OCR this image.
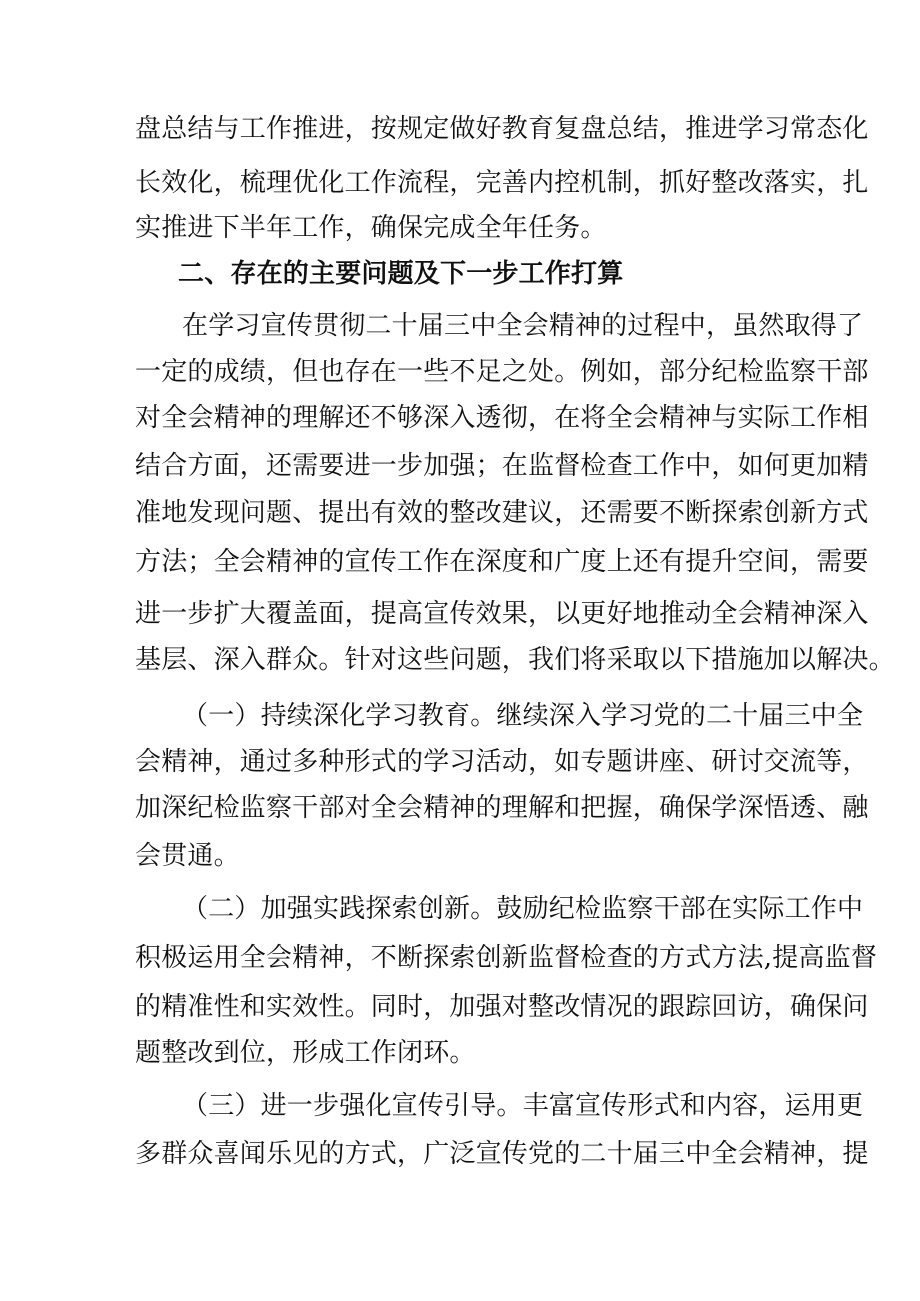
盘总结与工作推进，按规定做好教育复盘总结，推进学习常态化
长效化，梳理优化工作流程，完善内控机制，抓好整改落实，扎
实推进下半年工作，确保完成全年任务。
二、存在的主要问题及下一步工作打算
在学习宣传贯彻二十届三中全会精神的过程中，虽然取得了
一定的成绩，但也存在一些不足之处。例如，部分纪检监察干部
对全会精神的理解还不够深入透彻，在将全会精神与实际工作相
结合方面，还需要进一步加强；在监督检查工作中，如何更加精
准地发现问题、提出有效的整改建议，还需要不断探索创新方式
方法；全会精神的宣传工作在深度和广度上还有提升空间，需要
进一步扩大覆盖面，提高宣传效果，以更好地推动全会精神深入
基层、深入群众。针对这些问题，我们将采取以下措施加以解决。
（一）持续深化学习教育。继续深入学习党的二十届三中全
会精神，通过多种形式的学习活动，如专题讲座、研讨交流等，
加深纪检监察干部对全会精神的理解和把握，确保学深悟透、融
会贯通。
（二）加强实践探索创新。鼓励纪检监察干部在实际工作中
积极运用全会精神，不断探索创新监督检查的方式方法,提高监督
的精准性和实效性。同时，加强对整改情况的跟踪回访，确保问
题整改到位，形成工作闭环。
（三）进一步强化宣传引导。丰富宣传形式和内容，运用更
多群众喜闻乐见的方式，广泛宣传党的二十届三中全会精神，提
